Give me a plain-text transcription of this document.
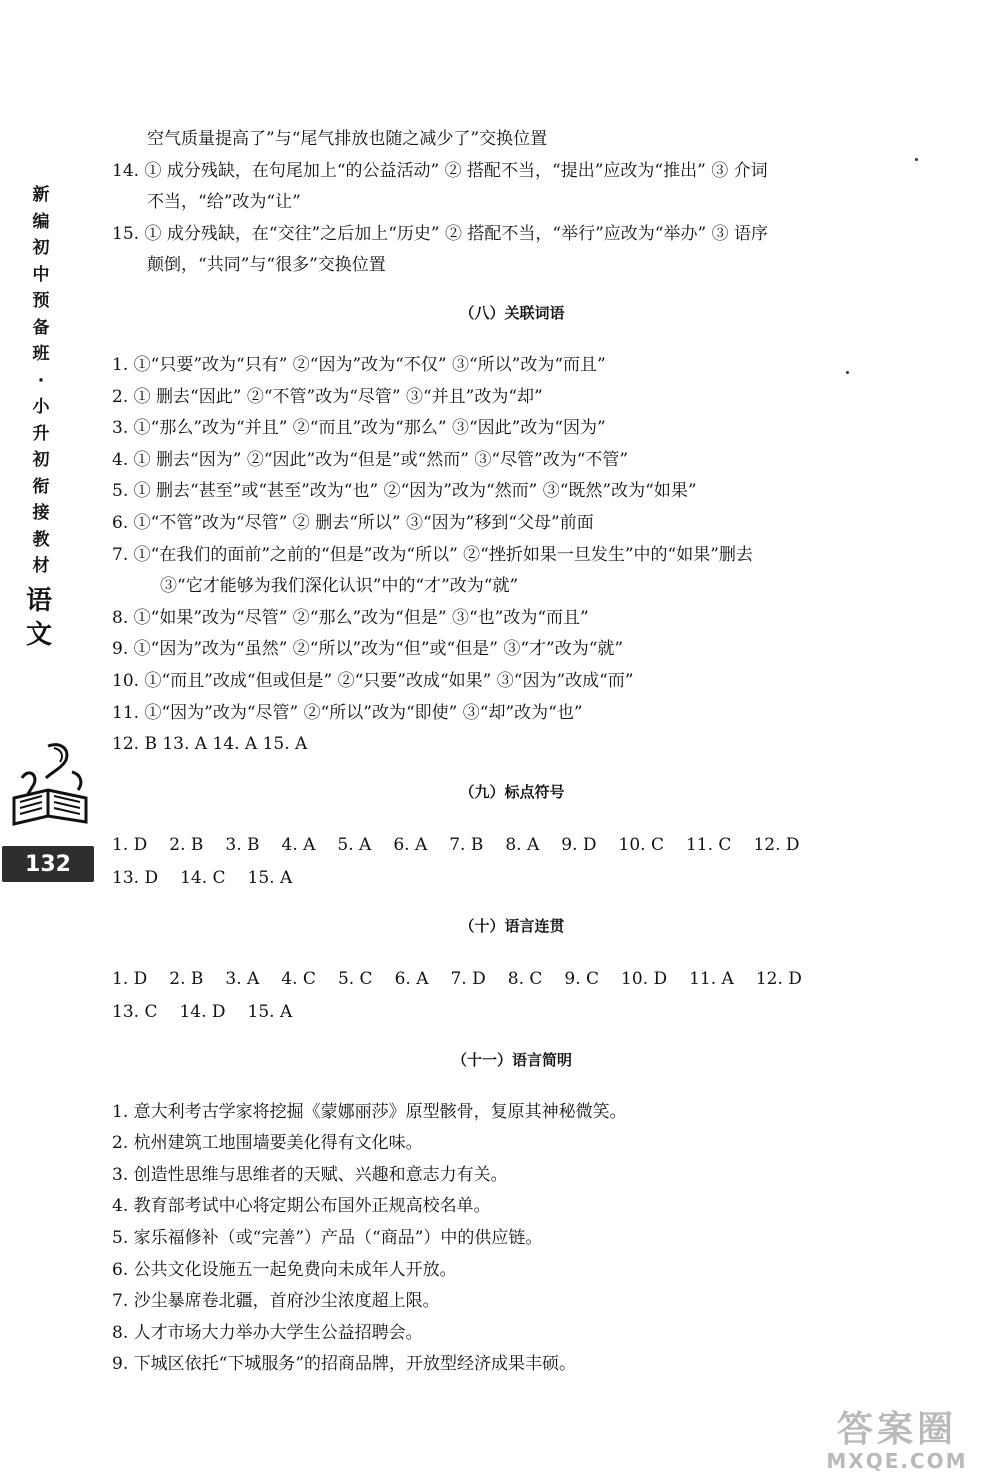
新
编
初
中
预
备
班
·
小
升
初
衔
接
教
材
语文
132
空气质量提高了”与“尾气排放也随之减少了”交换位置
14. ① 成分残缺，在句尾加上“的公益活动” ② 搭配不当，“提出”应改为“推出” ③ 介词
不当，“给”改为“让”
15. ① 成分残缺，在“交往”之后加上“历史” ② 搭配不当，“举行”应改为“举办” ③ 语序
颠倒，“共同”与“很多”交换位置
（八）关联词语
1. ①“只要”改为“只有” ②“因为”改为“不仅” ③“所以”改为“而且”
2. ① 删去“因此” ②“不管”改为“尽管” ③“并且”改为“却”
3. ①“那么”改为“并且” ②“而且”改为“那么” ③“因此”改为“因为”
4. ① 删去“因为” ②“因此”改为“但是”或“然而” ③“尽管”改为“不管”
5. ① 删去“甚至”或“甚至”改为“也” ②“因为”改为“然而” ③“既然”改为“如果”
6. ①“不管”改为“尽管” ② 删去“所以” ③“因为”移到“父母”前面
7. ①“在我们的面前”之前的“但是”改为“所以” ②“挫折如果一旦发生”中的“如果”删去
③“它才能够为我们深化认识”中的“才”改为“就”
8. ①“如果”改为“尽管” ②“那么”改为“但是” ③“也”改为“而且”
9. ①“因为”改为“虽然” ②“所以”改为“但”或“但是” ③“才”改为“就”
10. ①“而且”改成“但或但是” ②“只要”改成“如果” ③“因为”改成“而”
11. ①“因为”改为“尽管” ②“所以”改为“即使” ③“却”改为“也”
12. B 13. A 14. A 15. A
（九）标点符号
1. D 2. B 3. B 4. A 5. A 6. A 7. B 8. A 9. D 10. C 11. C 12. D
13. D 14. C 15. A
（十）语言连贯
1. D 2. B 3. A 4. C 5. C 6. A 7. D 8. C 9. C 10. D 11. A 12. D
13. C 14. D 15. A
（十一）语言简明
1. 意大利考古学家将挖掘《蒙娜丽莎》原型骸骨，复原其神秘微笑。
2. 杭州建筑工地围墙要美化得有文化味。
3. 创造性思维与思维者的天赋、兴趣和意志力有关。
4. 教育部考试中心将定期公布国外正规高校名单。
5. 家乐福修补（或“完善”）产品（“商品”）中的供应链。
6. 公共文化设施五一起免费向未成年人开放。
7. 沙尘暴席卷北疆，首府沙尘浓度超上限。
8. 人才市场大力举办大学生公益招聘会。
9. 下城区依托“下城服务”的招商品牌，开放型经济成果丰硕。
答案圈
MXQE.COM
